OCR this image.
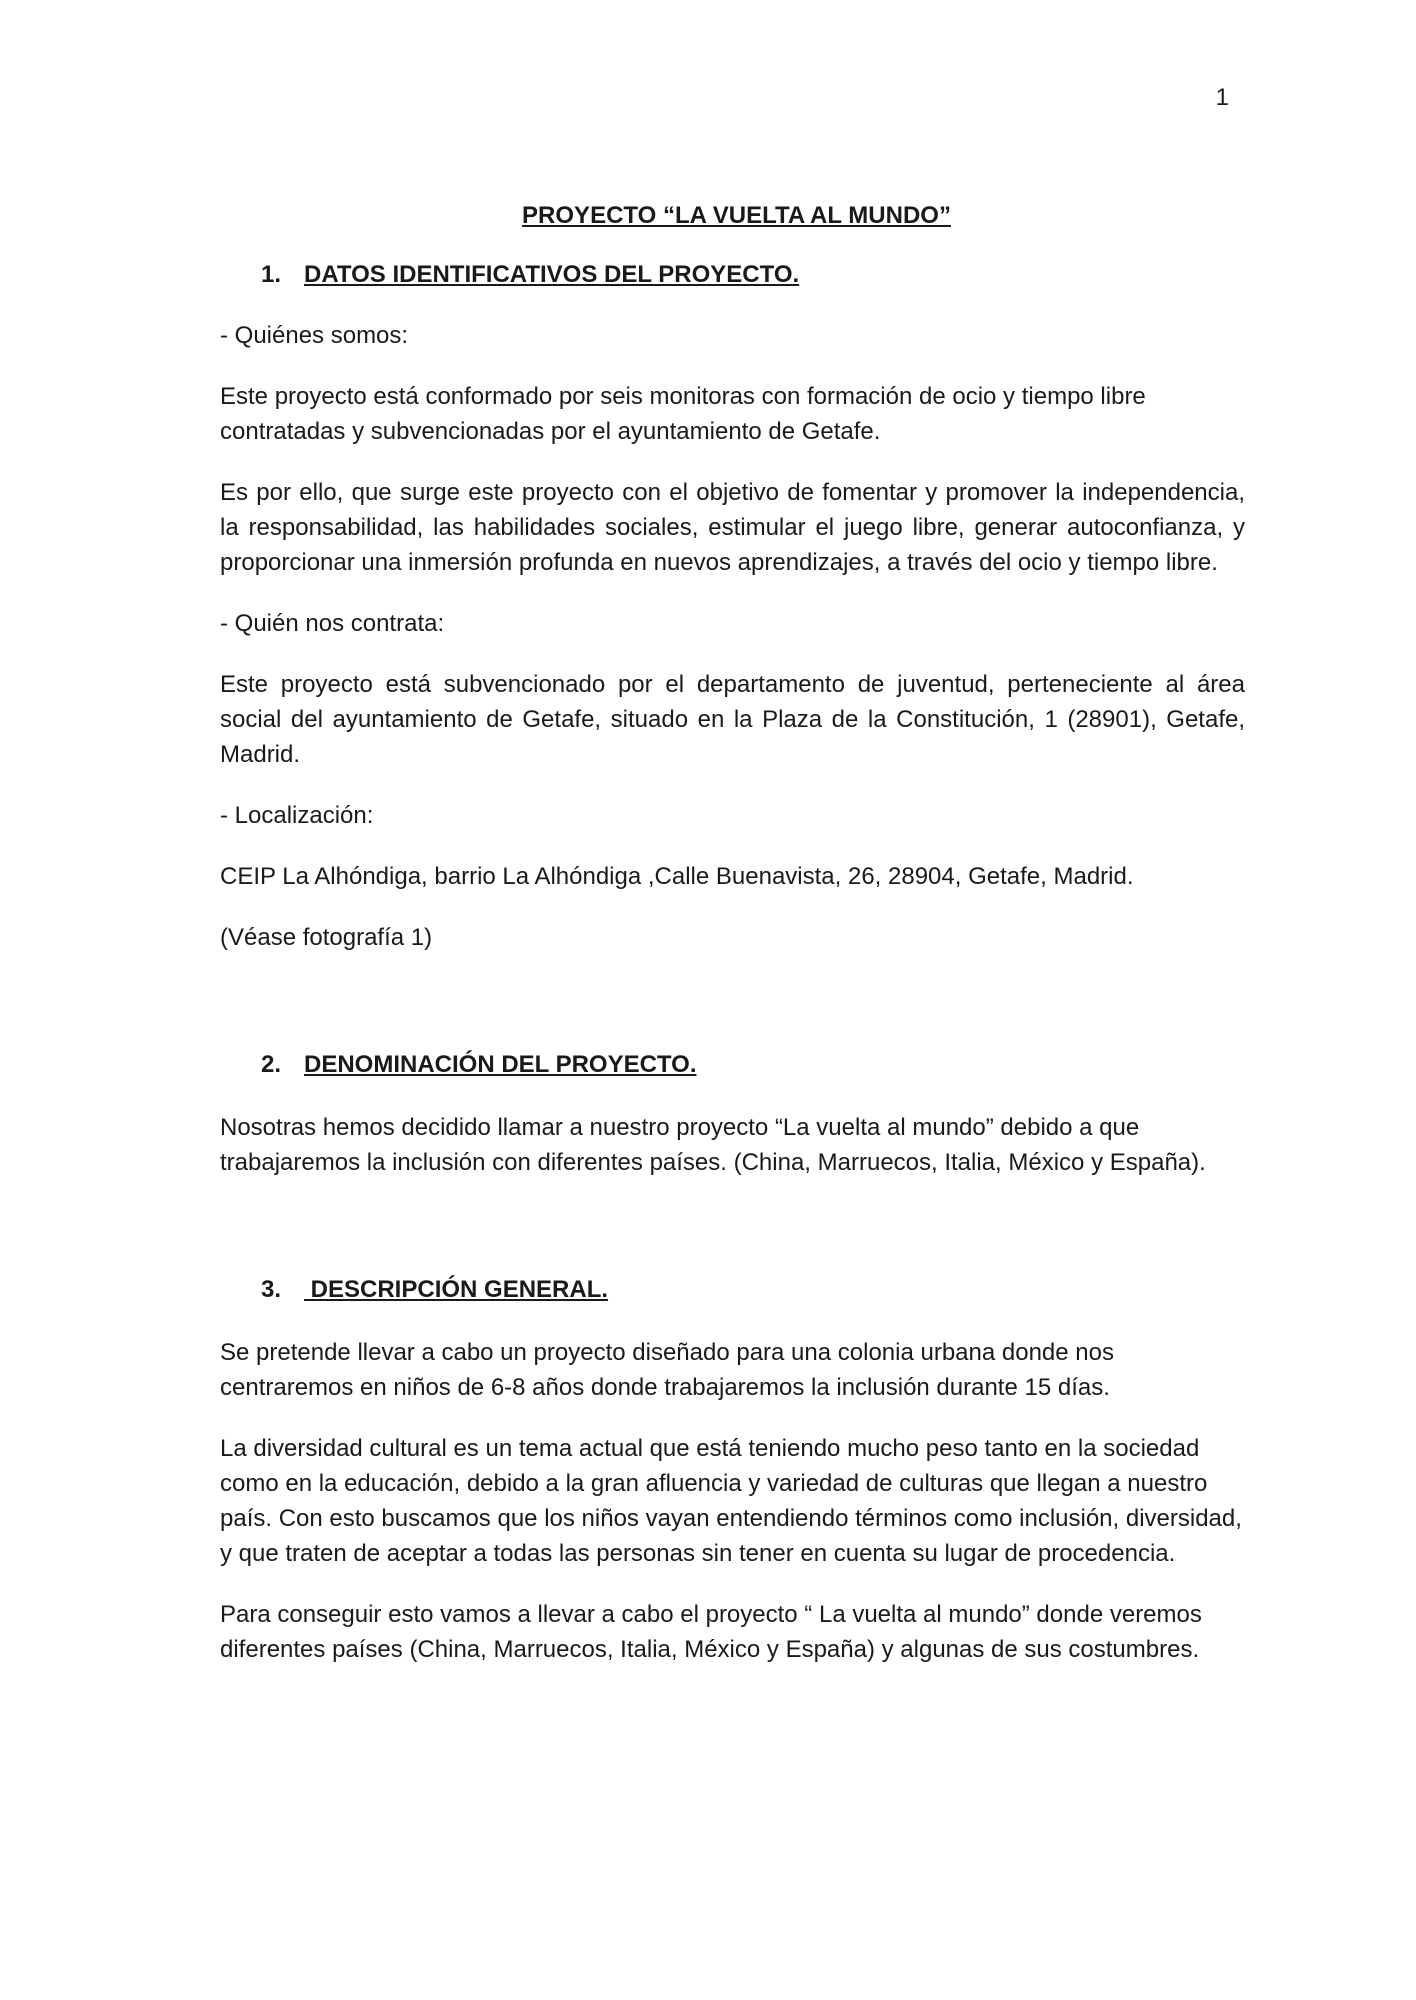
1
PROYECTO “LA VUELTA AL MUNDO”
1. DATOS IDENTIFICATIVOS DEL PROYECTO.

- Quiénes somos:

Este proyecto está conformado por seis monitoras con formación de ocio y tiempo libre contratadas y subvencionadas por el ayuntamiento de Getafe.

Es por ello, que surge este proyecto con el objetivo de fomentar y promover la independencia, la responsabilidad, las habilidades sociales, estimular el juego libre, generar autoconfianza, y proporcionar una inmersión profunda en nuevos aprendizajes, a través del ocio y tiempo libre.

- Quién nos contrata:

Este proyecto está subvencionado por el departamento de juventud, perteneciente al área social del ayuntamiento de Getafe, situado en la Plaza de la Constitución, 1 (28901), Getafe, Madrid.

- Localización:

CEIP La Alhóndiga, barrio La Alhóndiga ,Calle Buenavista, 26, 28904, Getafe, Madrid.

(Véase fotografía 1)

2. DENOMINACIÓN DEL PROYECTO.

Nosotras hemos decidido llamar a nuestro proyecto “La vuelta al mundo” debido a que trabajaremos la inclusión con diferentes países. (China, Marruecos, Italia, México y España).

3. DESCRIPCIÓN GENERAL.

Se pretende llevar a cabo un proyecto diseñado para una colonia urbana donde nos centraremos en niños de 6-8 años donde trabajaremos la inclusión durante 15 días.

La diversidad cultural es un tema actual que está teniendo mucho peso tanto en la sociedad como en la educación, debido a la gran afluencia y variedad de culturas que llegan a nuestro país. Con esto buscamos que los niños vayan entendiendo términos como inclusión, diversidad, y que traten de aceptar a todas las personas sin tener en cuenta su lugar de procedencia.

Para conseguir esto vamos a llevar a cabo el proyecto “ La vuelta al mundo” donde veremos diferentes países (China, Marruecos, Italia, México y España) y algunas de sus costumbres.
